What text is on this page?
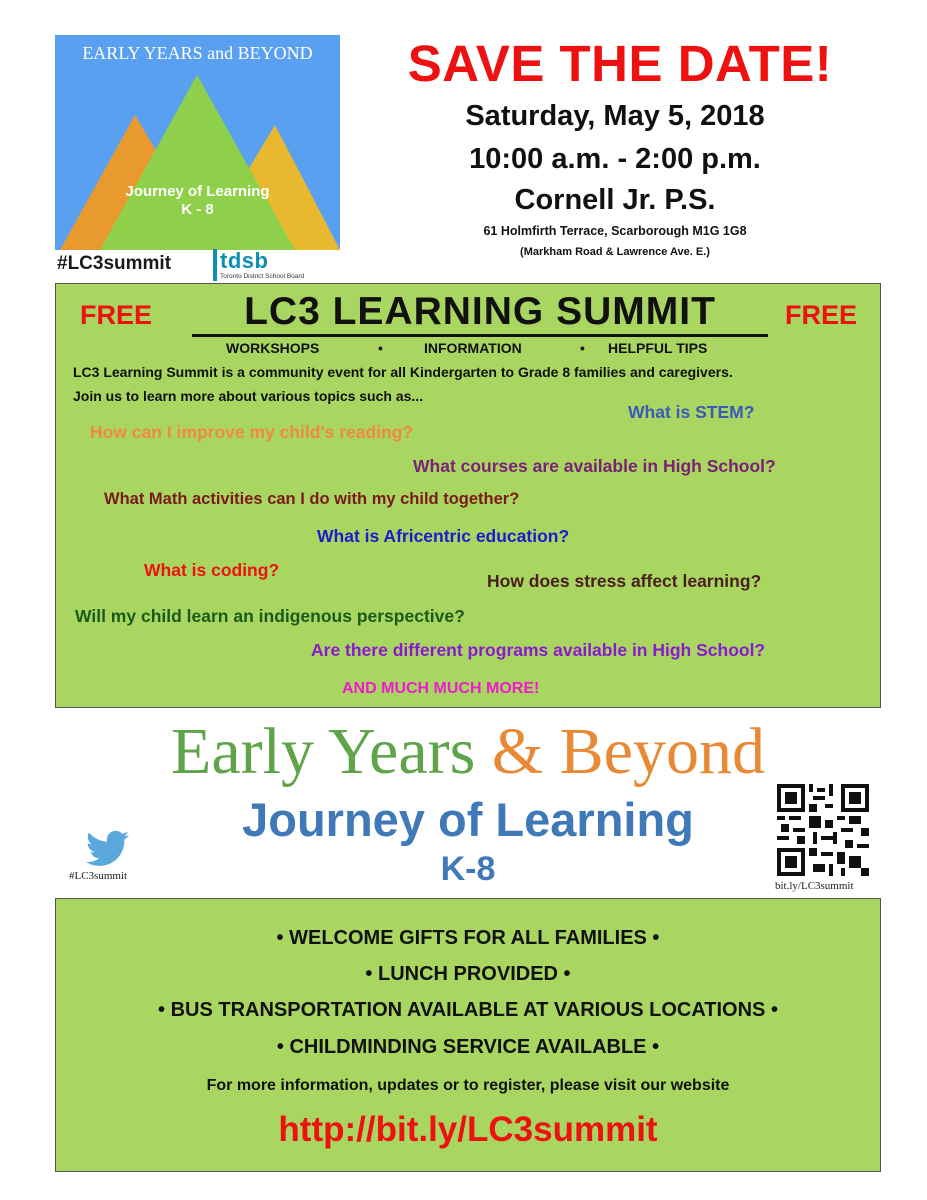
EARLY YEARS and BEYOND
Journey of Learning
K - 8
#LC3summit tdsb
Toronto District School Board
SAVE THE DATE!
Saturday, May 5, 2018
10:00 a.m. - 2:00 p.m.
Cornell Jr. P.S.
61 Holmfirth Terrace, Scarborough M1G 1G8
(Markham Road & Lawrence Ave. E.)
FREE	LC3 LEARNING SUMMIT	FREE
WORKSHOPS	•	INFORMATION	• HELPFUL TIPS
LC3 Learning Summit is a community event for all Kindergarten to Grade 8 families and caregivers.
Join us to learn more about various topics such as...
What is STEM?
How can I improve my child's reading?
What courses are available in High School?
What Math activities can I do with my child together?
What is Africentric education?
What is coding?
How does stress affect learning?
Will my child learn an indigenous perspective?
Are there different programs available in High School?
AND MUCH MUCH MORE!
Early Years & Beyond
Journey of Learning
K-8
#LC3summit
bit.ly/LC3summit
• WELCOME GIFTS FOR ALL FAMILIES •
• LUNCH PROVIDED •
• BUS TRANSPORTATION AVAILABLE AT VARIOUS LOCATIONS •
• CHILDMINDING SERVICE AVAILABLE •
For more information, updates or to register, please visit our website
http://bit.ly/LC3summit
